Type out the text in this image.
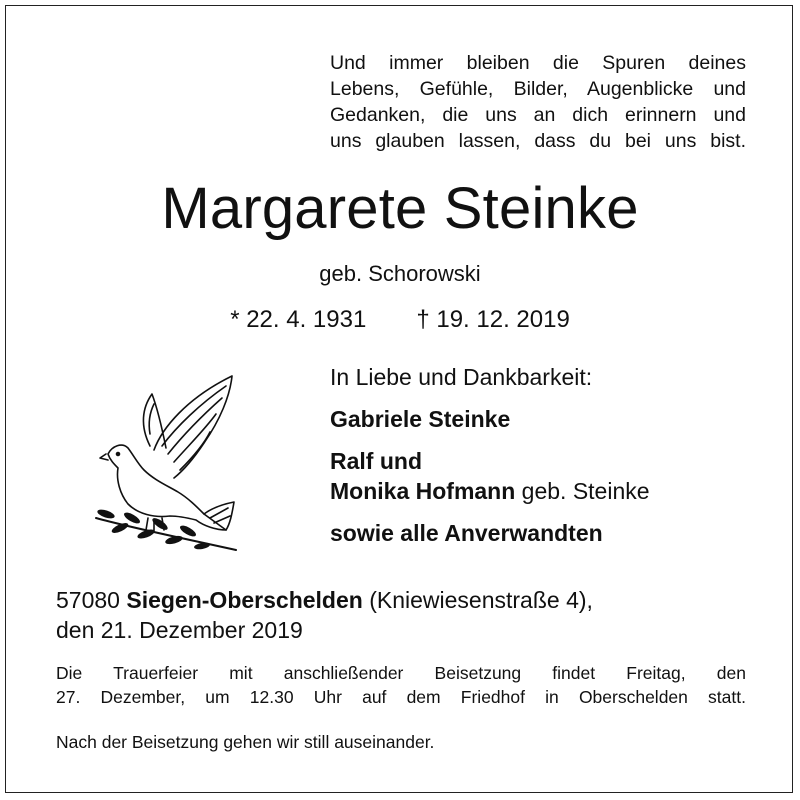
Und immer bleiben die Spuren deines
Lebens, Gefühle, Bilder, Augenblicke und
Gedanken, die uns an dich erinnern und
uns glauben lassen, dass du bei uns bist.
Margarete Steinke
geb. Schorowski
* 22. 4. 1931 † 19. 12. 2019
In Liebe und Dankbarkeit:
Gabriele Steinke
Ralf und
Monika Hofmann geb. Steinke
sowie alle Anverwandten
57080 Siegen-Oberschelden (Kniewiesenstraße 4),
den 21. Dezember 2019
Die Trauerfeier mit anschließender Beisetzung findet Freitag, den
27. Dezember, um 12.30 Uhr auf dem Friedhof in Oberschelden statt.
Nach der Beisetzung gehen wir still auseinander.
